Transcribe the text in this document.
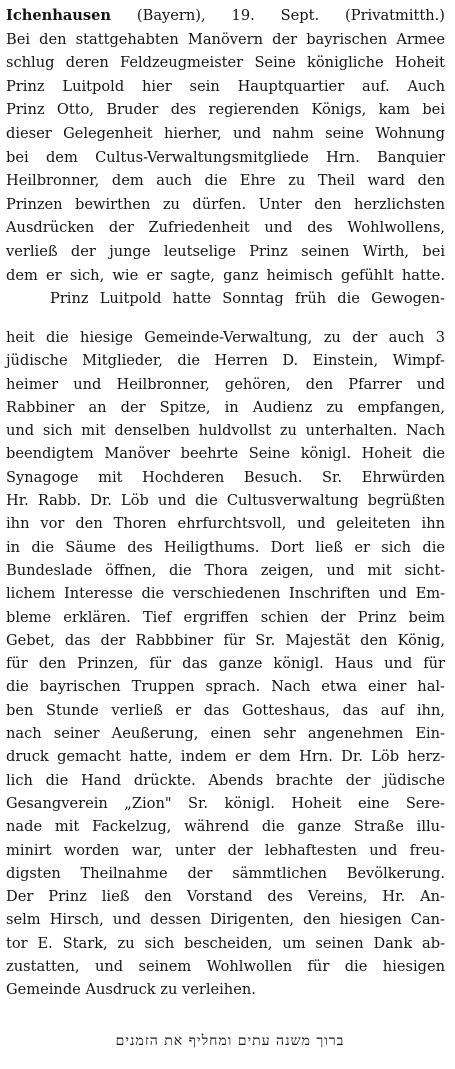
Ichenhausen (Bayern), 19. Sept. (Privatmitth.)
Bei den stattgehabten Manövern der bayrischen Armee
schlug deren Feldzeugmeister Seine königliche Hoheit
Prinz Luitpold hier sein Hauptquartier auf. Auch
Prinz Otto, Bruder des regierenden Königs, kam bei
dieser Gelegenheit hierher, und nahm seine Wohnung
bei dem Cultus-Verwaltungsmitgliede Hrn. Banquier
Heilbronner, dem auch die Ehre zu Theil ward den
Prinzen bewirthen zu dürfen. Unter den herzlichsten
Ausdrücken der Zufriedenheit und des Wohlwollens,
verließ der junge leutselige Prinz seinen Wirth, bei
dem er sich, wie er sagte, ganz heimisch gefühlt hatte.
Prinz Luitpold hatte Sonntag früh die Gewogen-
heit die hiesige Gemeinde-Verwaltung, zu der auch 3
jüdische Mitglieder, die Herren D. Einstein, Wimpf-
heimer und Heilbronner, gehören, den Pfarrer und
Rabbiner an der Spitze, in Audienz zu empfangen,
und sich mit denselben huldvollst zu unterhalten. Nach
beendigtem Manöver beehrte Seine königl. Hoheit die
Synagoge mit Hochderen Besuch. Sr. Ehrwürden
Hr. Rabb. Dr. Löb und die Cultusverwaltung begrüßten
ihn vor den Thoren ehrfurchtsvoll, und geleiteten ihn
in die Säume des Heiligthums. Dort ließ er sich die
Bundeslade öffnen, die Thora zeigen, und mit sicht-
lichem Interesse die verschiedenen Inschriften und Em-
bleme erklären. Tief ergriffen schien der Prinz beim
Gebet, das der Rabbbiner für Sr. Majestät den König,
für den Prinzen, für das ganze königl. Haus und für
die bayrischen Truppen sprach. Nach etwa einer hal-
ben Stunde verließ er das Gotteshaus, das auf ihn,
nach seiner Aeußerung, einen sehr angenehmen Ein-
druck gemacht hatte, indem er dem Hrn. Dr. Löb herz-
lich die Hand drückte. Abends brachte der jüdische
Gesangverein „Zion" Sr. königl. Hoheit eine Sere-
nade mit Fackelzug, während die ganze Straße illu-
minirt worden war, unter der lebhaftesten und freu-
digsten Theilnahme der sämmtlichen Bevölkerung.
Der Prinz ließ den Vorstand des Vereins, Hr. An-
selm Hirsch, und dessen Dirigenten, den hiesigen Can-
tor E. Stark, zu sich bescheiden, um seinen Dank ab-
zustatten, und seinem Wohlwollen für die hiesigen
Gemeinde Ausdruck zu verleihen.
ברוך משנה עתים ומחליף את הזמנים
